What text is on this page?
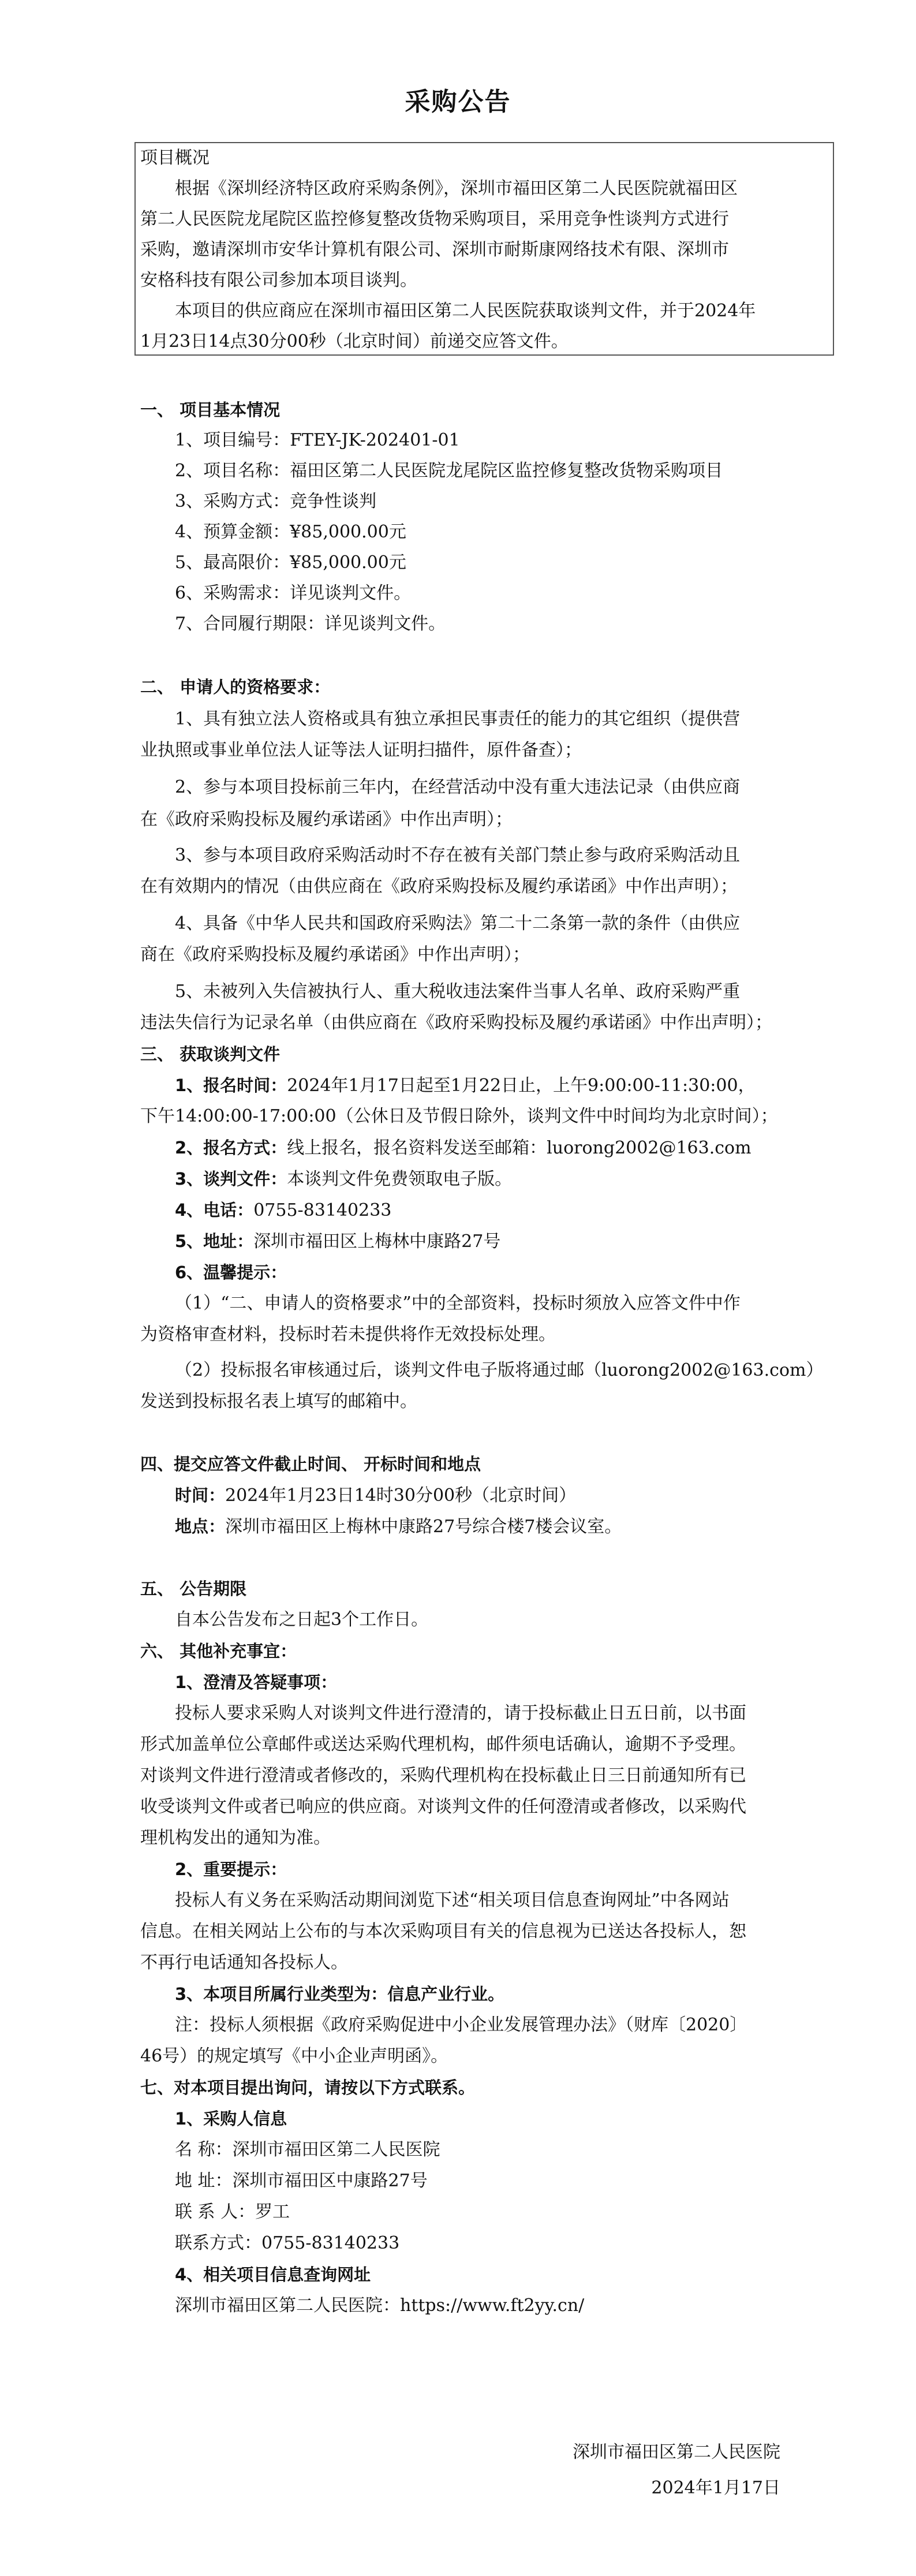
采购公告
项目概况
根据《深圳经济特区政府采购条例》，深圳市福田区第二人民医院就福田区
第二人民医院龙尾院区监控修复整改货物采购项目，采用竞争性谈判方式进行
采购，邀请深圳市安华计算机有限公司、深圳市耐斯康网络技术有限、深圳市
安格科技有限公司参加本项目谈判。
本项目的供应商应在深圳市福田区第二人民医院获取谈判文件，并于2024年
1月23日14点30分00秒（北京时间）前递交应答文件。
一、 项目基本情况
1、项目编号：FTEY-JK-202401-01
2、项目名称：福田区第二人民医院龙尾院区监控修复整改货物采购项目
3、采购方式：竞争性谈判
4、预算金额：¥85,000.00元
5、最高限价：¥85,000.00元
6、采购需求：详见谈判文件。
7、合同履行期限：详见谈判文件。
二、 申请人的资格要求：
1、具有独立法人资格或具有独立承担民事责任的能力的其它组织（提供营
业执照或事业单位法人证等法人证明扫描件，原件备查）；
2、参与本项目投标前三年内，在经营活动中没有重大违法记录（由供应商
在《政府采购投标及履约承诺函》中作出声明）；
3、参与本项目政府采购活动时不存在被有关部门禁止参与政府采购活动且
在有效期内的情况（由供应商在《政府采购投标及履约承诺函》中作出声明）；
4、具备《中华人民共和国政府采购法》第二十二条第一款的条件（由供应
商在《政府采购投标及履约承诺函》中作出声明）；
5、未被列入失信被执行人、重大税收违法案件当事人名单、政府采购严重
违法失信行为记录名单（由供应商在《政府采购投标及履约承诺函》中作出声明）；
三、 获取谈判文件
1、报名时间：2024年1月17日起至1月22日止，上午9:00:00-11:30:00，
下午14:00:00-17:00:00（公休日及节假日除外，谈判文件中时间均为北京时间）；
2、报名方式：线上报名，报名资料发送至邮箱：luorong2002@163.com
3、谈判文件：本谈判文件免费领取电子版。
4、电话：0755-83140233
5、地址：深圳市福田区上梅林中康路27号
6、温馨提示：
（1）“二、申请人的资格要求”中的全部资料，投标时须放入应答文件中作
为资格审查材料，投标时若未提供将作无效投标处理。
（2）投标报名审核通过后，谈判文件电子版将通过邮（luorong2002@163.com）
发送到投标报名表上填写的邮箱中。
四、提交应答文件截止时间、 开标时间和地点
时间：2024年1月23日14时30分00秒（北京时间）
地点：深圳市福田区上梅林中康路27号综合楼7楼会议室。
五、 公告期限
自本公告发布之日起3个工作日。
六、 其他补充事宜：
1、澄清及答疑事项：
投标人要求采购人对谈判文件进行澄清的，请于投标截止日五日前，以书面
形式加盖单位公章邮件或送达采购代理机构，邮件须电话确认，逾期不予受理。
对谈判文件进行澄清或者修改的，采购代理机构在投标截止日三日前通知所有已
收受谈判文件或者已响应的供应商。对谈判文件的任何澄清或者修改，以采购代
理机构发出的通知为准。
2、重要提示：
投标人有义务在采购活动期间浏览下述“相关项目信息查询网址”中各网站
信息。在相关网站上公布的与本次采购项目有关的信息视为已送达各投标人，恕
不再行电话通知各投标人。
3、本项目所属行业类型为：信息产业行业。
注：投标人须根据《政府采购促进中小企业发展管理办法》（财库〔2020〕
46号）的规定填写《中小企业声明函》。
七、对本项目提出询问，请按以下方式联系。
1、采购人信息
名 称：深圳市福田区第二人民医院
地 址：深圳市福田区中康路27号
联 系 人：罗工
联系方式：0755-83140233
4、相关项目信息查询网址
深圳市福田区第二人民医院：https://www.ft2yy.cn/
深圳市福田区第二人民医院
2024年1月17日
